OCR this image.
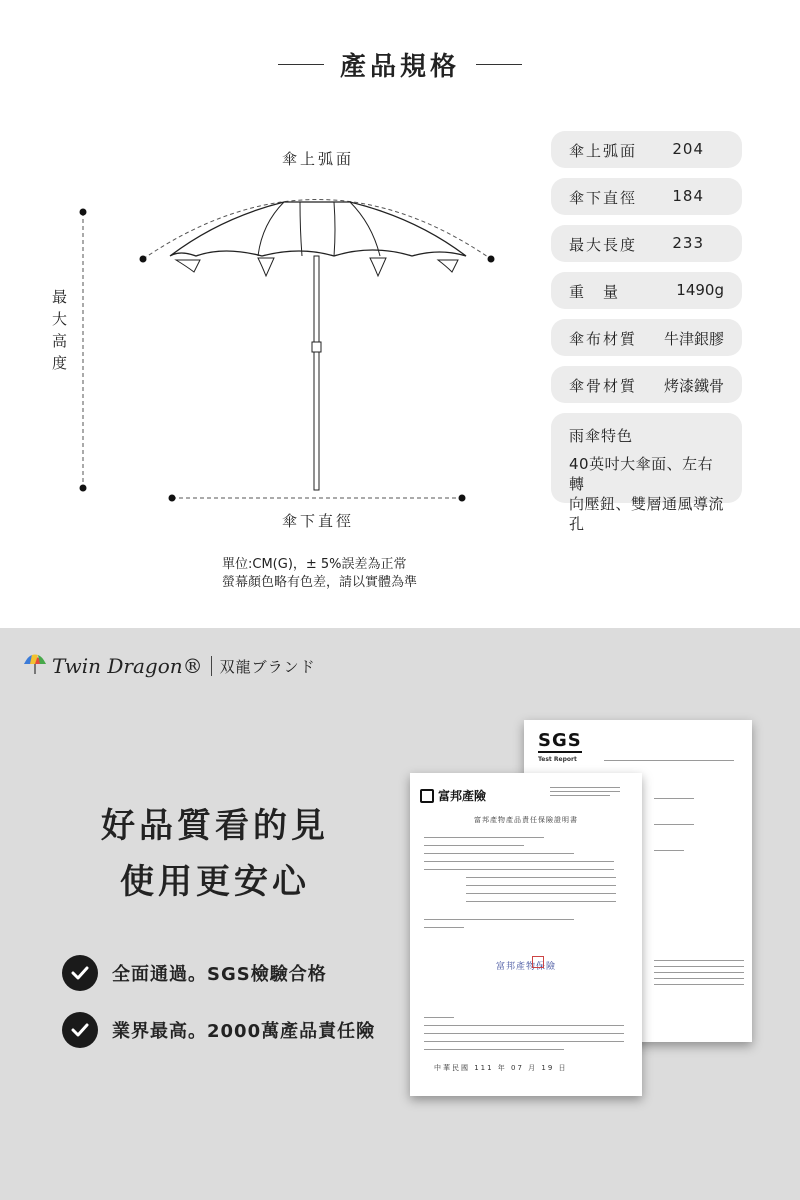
產品規格
傘上弧面
傘下直徑
最大高度
單位:CM(G)，± 5%誤差為正常
螢幕顏色略有色差，請以實體為準
傘上弧面 204
傘下直徑 184
最大長度 233
重　量	1490g
傘布材質 牛津銀膠
傘骨材質 烤漆鐵骨
雨傘特色
40英吋大傘面、左右轉
向壓鈕、雙層通風導流孔
Twin Dragon® 双龍ブランド
好品質看的見
使用更安心
全面通過。SGS檢驗合格
業界最高。2000萬產品責任險
SGS
Test Report
富邦產險
富邦產物產品責任保險證明書
富邦產物保險
中華民國 111 年 07 月 19 日
